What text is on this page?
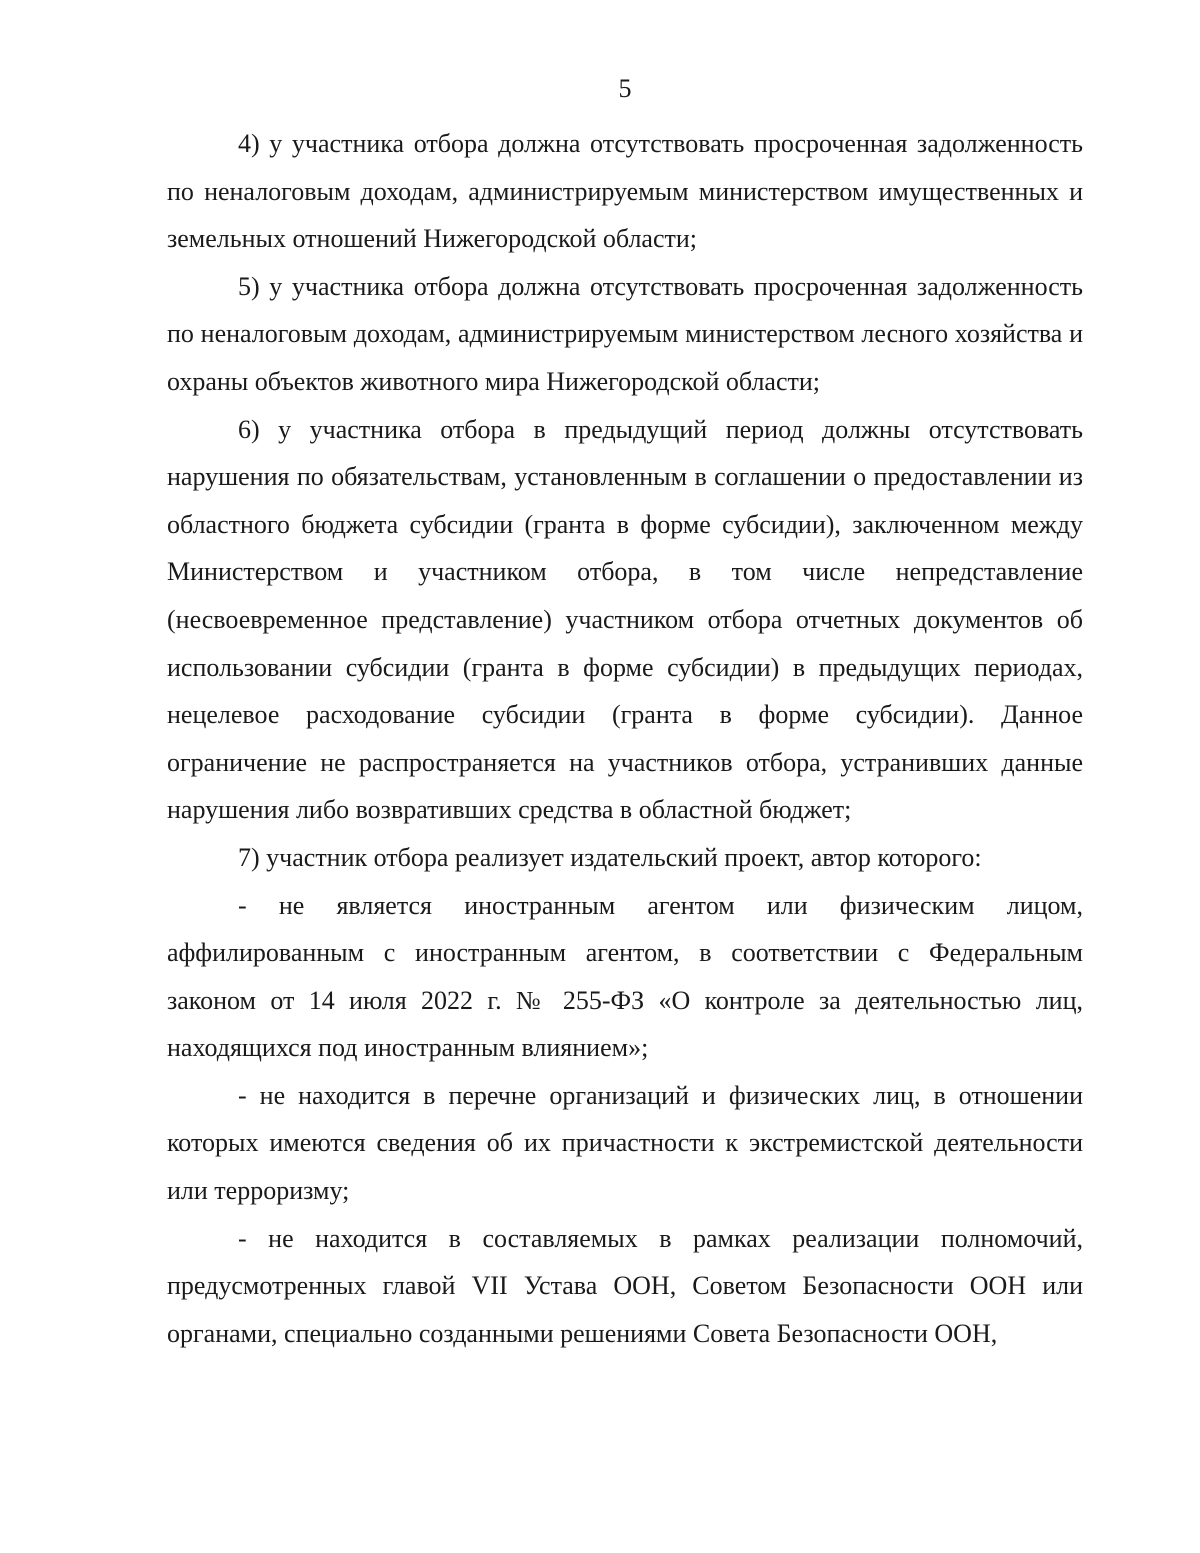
5

4) у участника отбора должна отсутствовать просроченная задолженность по неналоговым доходам, администрируемым министерством имущественных и земельных отношений Нижегородской области;

5) у участника отбора должна отсутствовать просроченная задолженность по неналоговым доходам, администрируемым министерством лесного хозяйства и охраны объектов животного мира Нижегородской области;

6) у участника отбора в предыдущий период должны отсутствовать нарушения по обязательствам, установленным в соглашении о предоставлении из областного бюджета субсидии (гранта в форме субсидии), заключенном между Министерством и участником отбора, в том числе непредставление (несвоевременное представление) участником отбора отчетных документов об использовании субсидии (гранта в форме субсидии) в предыдущих периодах, нецелевое расходование субсидии (гранта в форме субсидии). Данное ограничение не распространяется на участников отбора, устранивших данные нарушения либо возвративших средства в областной бюджет;

7) участник отбора реализует издательский проект, автор которого:

- не является иностранным агентом или физическим лицом, аффилированным с иностранным агентом, в соответствии с Федеральным законом от 14 июля 2022 г. № 255-ФЗ «О контроле за деятельностью лиц, находящихся под иностранным влиянием»;

- не находится в перечне организаций и физических лиц, в отношении которых имеются сведения об их причастности к экстремистской деятельности или терроризму;

- не находится в составляемых в рамках реализации полномочий, предусмотренных главой VII Устава ООН, Советом Безопасности ООН или органами, специально созданными решениями Совета Безопасности ООН,
